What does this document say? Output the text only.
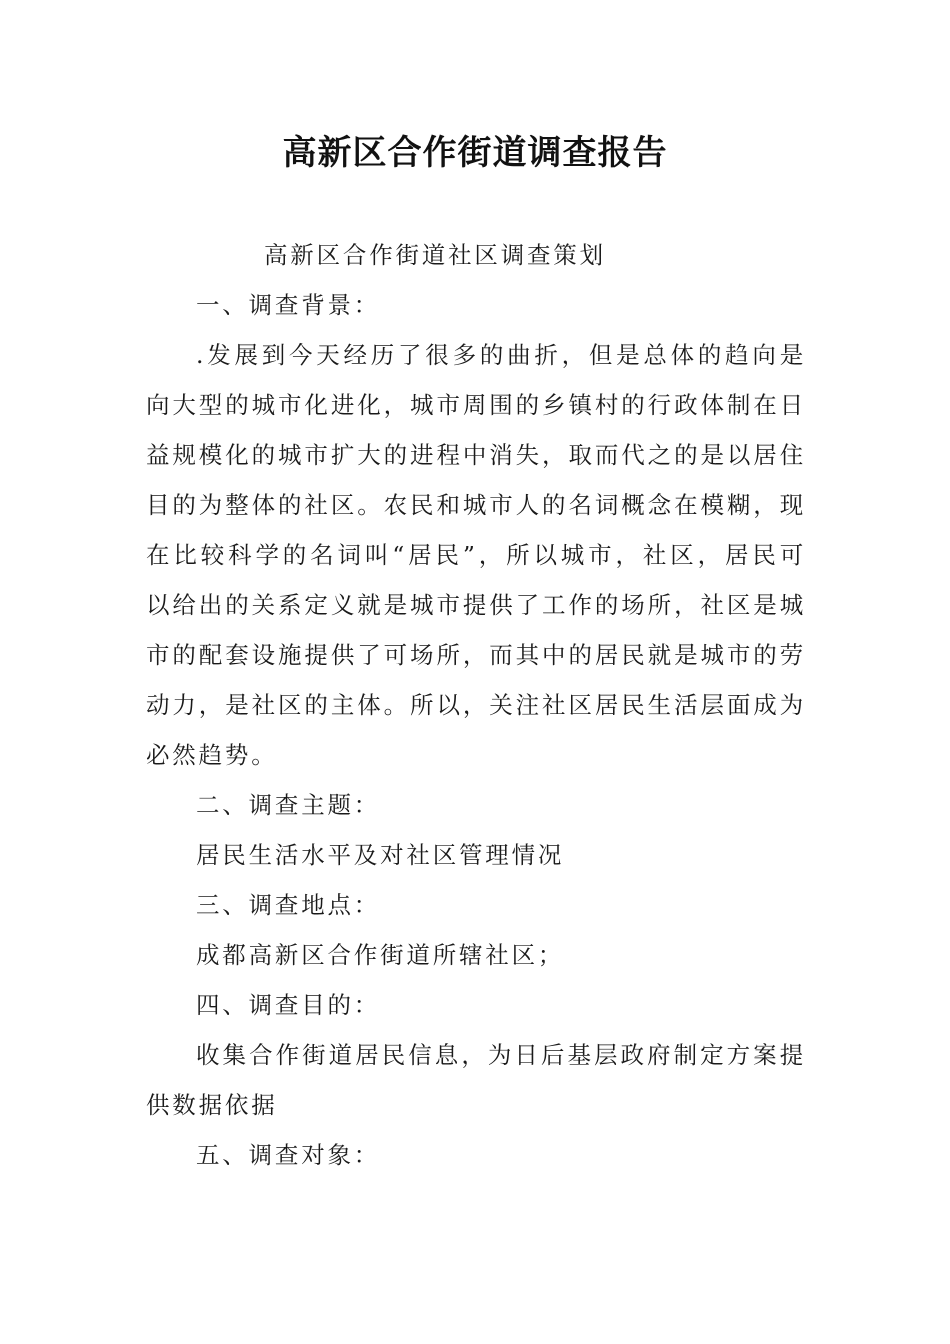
高新区合作街道调查报告

高新区合作街道社区调查策划

一、调查背景：

.发展到今天经历了很多的曲折，但是总体的趋向是向大型的城市化进化，城市周围的乡镇村的行政体制在日益规模化的城市扩大的进程中消失，取而代之的是以居住目的为整体的社区。农民和城市人的名词概念在模糊，现在比较科学的名词叫“居民”，所以城市，社区，居民可以给出的关系定义就是城市提供了工作的场所，社区是城市的配套设施提供了可场所，而其中的居民就是城市的劳动力，是社区的主体。所以，关注社区居民生活层面成为必然趋势。

二、调查主题：

居民生活水平及对社区管理情况

三、调查地点：

成都高新区合作街道所辖社区；

四、调查目的：

收集合作街道居民信息，为日后基层政府制定方案提供数据依据

五、调查对象：
